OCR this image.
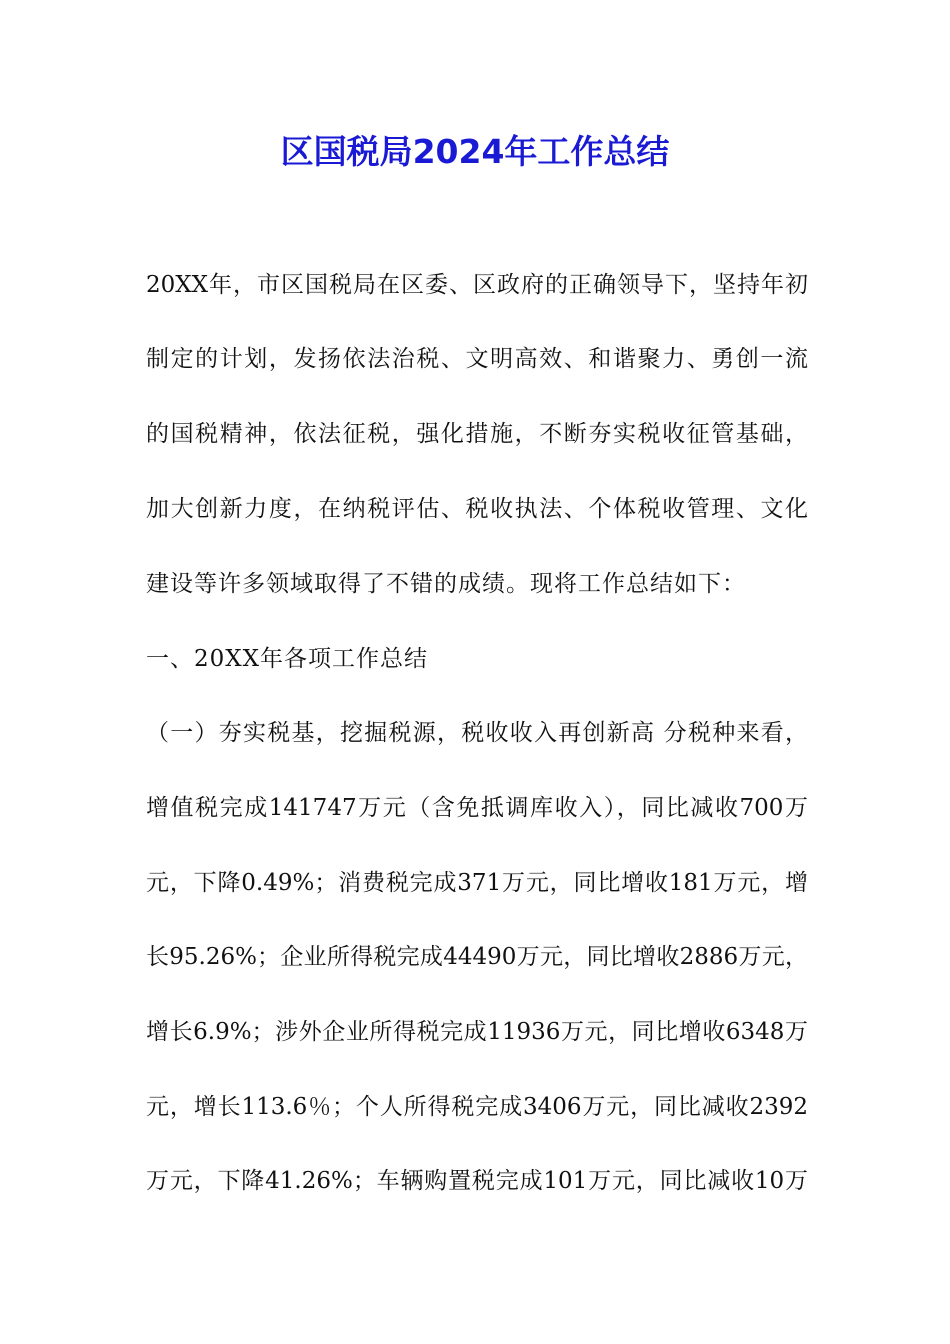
区国税局2024年工作总结
20XX年，市区国税局在区委、区政府的正确领导下，坚持年初
制定的计划，发扬依法治税、文明高效、和谐聚力、勇创一流
的国税精神，依法征税，强化措施，不断夯实税收征管基础，
加大创新力度，在纳税评估、税收执法、个体税收管理、文化
建设等许多领域取得了不错的成绩。现将工作总结如下：
一、20XX年各项工作总结
（一）夯实税基，挖掘税源，税收收入再创新高 分税种来看，
增值税完成141747万元（含免抵调库收入），同比减收700万
元，下降0.49%；消费税完成371万元，同比增收181万元，增
长95.26%；企业所得税完成44490万元，同比增收2886万元，
增长6.9%；涉外企业所得税完成11936万元，同比增收6348万
元，增长113.6％；个人所得税完成3406万元，同比减收2392
万元，下降41.26%；车辆购置税完成101万元，同比减收10万
